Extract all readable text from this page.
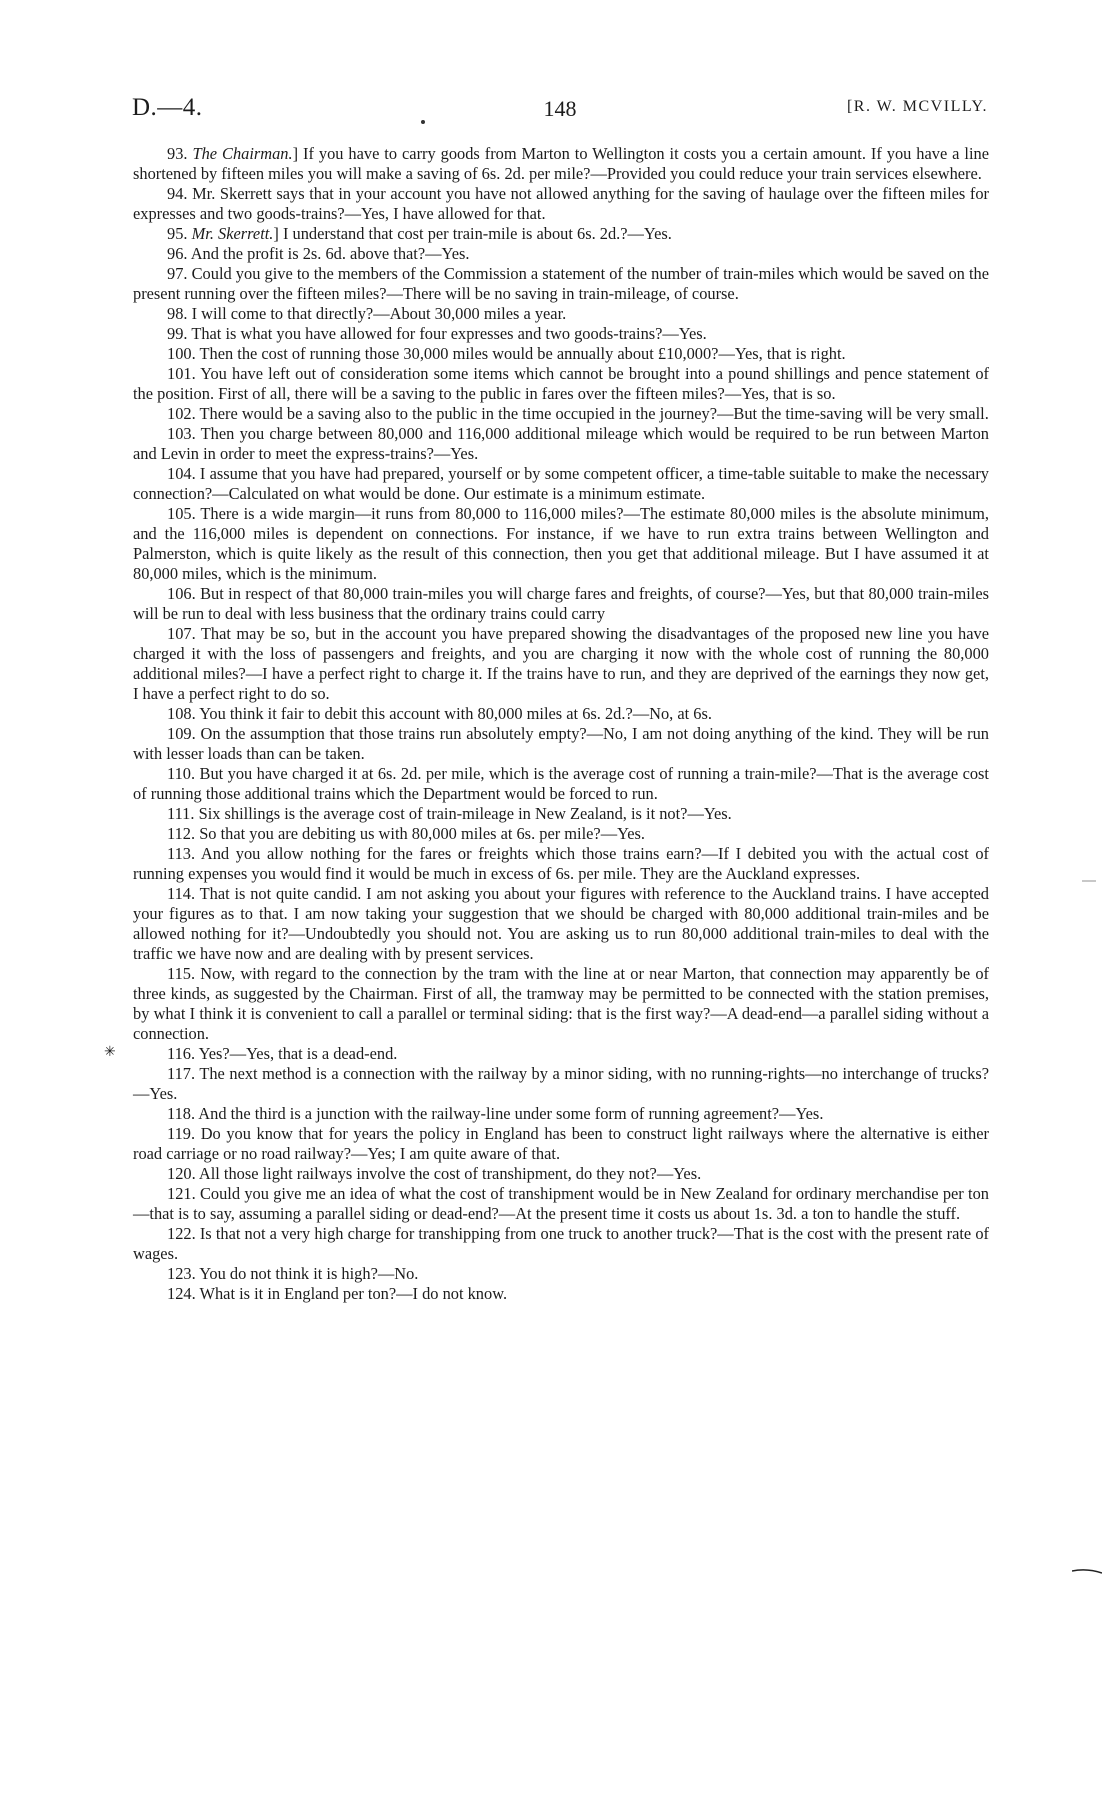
D.—4.	148	[R. W. MCVILLY.

93. The Chairman.] If you have to carry goods from Marton to Wellington it costs you a certain amount. If you have a line shortened by fifteen miles you will make a saving of 6s. 2d. per mile?—Provided you could reduce your train services elsewhere.

94. Mr. Skerrett says that in your account you have not allowed anything for the saving of haulage over the fifteen miles for expresses and two goods-trains?—Yes, I have allowed for that.

95. Mr. Skerrett.] I understand that cost per train-mile is about 6s. 2d.?—Yes.

96. And the profit is 2s. 6d. above that?—Yes.

97. Could you give to the members of the Commission a statement of the number of train-miles which would be saved on the present running over the fifteen miles?—There will be no saving in train-mileage, of course.

98. I will come to that directly?—About 30,000 miles a year.

99. That is what you have allowed for four expresses and two goods-trains?—Yes.

100. Then the cost of running those 30,000 miles would be annually about £10,000?—Yes, that is right.

101. You have left out of consideration some items which cannot be brought into a pound shillings and pence statement of the position. First of all, there will be a saving to the public in fares over the fifteen miles?—Yes, that is so.

102. There would be a saving also to the public in the time occupied in the journey?—But the time-saving will be very small.

103. Then you charge between 80,000 and 116,000 additional mileage which would be required to be run between Marton and Levin in order to meet the express-trains?—Yes.

104. I assume that you have had prepared, yourself or by some competent officer, a time-table suitable to make the necessary connection?—Calculated on what would be done. Our estimate is a minimum estimate.

105. There is a wide margin—it runs from 80,000 to 116,000 miles?—The estimate 80,000 miles is the absolute minimum, and the 116,000 miles is dependent on connections. For instance, if we have to run extra trains between Wellington and Palmerston, which is quite likely as the result of this connection, then you get that additional mileage. But I have assumed it at 80,000 miles, which is the minimum.

106. But in respect of that 80,000 train-miles you will charge fares and freights, of course?—Yes, but that 80,000 train-miles will be run to deal with less business that the ordinary trains could carry

107. That may be so, but in the account you have prepared showing the disadvantages of the proposed new line you have charged it with the loss of passengers and freights, and you are charging it now with the whole cost of running the 80,000 additional miles?—I have a perfect right to charge it. If the trains have to run, and they are deprived of the earnings they now get, I have a perfect right to do so.

108. You think it fair to debit this account with 80,000 miles at 6s. 2d.?—No, at 6s.

109. On the assumption that those trains run absolutely empty?—No, I am not doing anything of the kind. They will be run with lesser loads than can be taken.

110. But you have charged it at 6s. 2d. per mile, which is the average cost of running a train-mile?—That is the average cost of running those additional trains which the Department would be forced to run.

111. Six shillings is the average cost of train-mileage in New Zealand, is it not?—Yes.

112. So that you are debiting us with 80,000 miles at 6s. per mile?—Yes.

113. And you allow nothing for the fares or freights which those trains earn?—If I debited you with the actual cost of running expenses you would find it would be much in excess of 6s. per mile. They are the Auckland expresses.

114. That is not quite candid. I am not asking you about your figures with reference to the Auckland trains. I have accepted your figures as to that. I am now taking your suggestion that we should be charged with 80,000 additional train-miles and be allowed nothing for it?—Undoubtedly you should not. You are asking us to run 80,000 additional train-miles to deal with the traffic we have now and are dealing with by present services.

115. Now, with regard to the connection by the tram with the line at or near Marton, that connection may apparently be of three kinds, as suggested by the Chairman. First of all, the tramway may be permitted to be connected with the station premises, by what I think it is convenient to call a parallel or terminal siding: that is the first way?—A dead-end—a parallel siding without a connection.

116. Yes?—Yes, that is a dead-end.

117. The next method is a connection with the railway by a minor siding, with no running-rights—no interchange of trucks?—Yes.

118. And the third is a junction with the railway-line under some form of running agreement?—Yes.

119. Do you know that for years the policy in England has been to construct light railways where the alternative is either road carriage or no road railway?—Yes; I am quite aware of that.

120. All those light railways involve the cost of transhipment, do they not?—Yes.

121. Could you give me an idea of what the cost of transhipment would be in New Zealand for ordinary merchandise per ton—that is to say, assuming a parallel siding or dead-end?—At the present time it costs us about 1s. 3d. a ton to handle the stuff.

122. Is that not a very high charge for transhipping from one truck to another truck?—That is the cost with the present rate of wages.

123. You do not think it is high?—No.

124. What is it in England per ton?—I do not know.

✳
